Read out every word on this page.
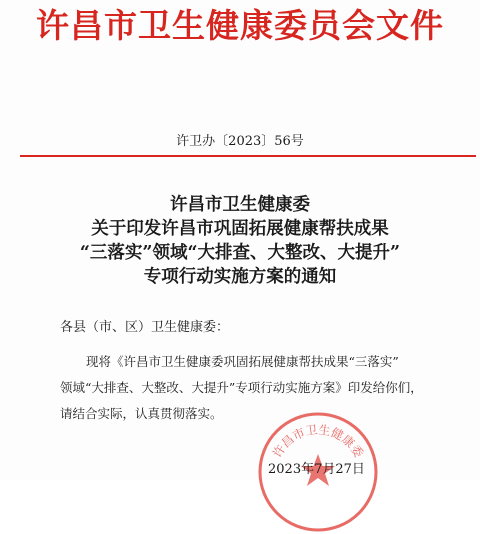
许昌市卫生健康委员会文件
许卫办〔2023〕56号
许昌市卫生健康委
关于印发许昌市巩固拓展健康帮扶成果
“三落实”领域“大排查、大整改、大提升”
专项行动实施方案的通知
各县（市、区）卫生健康委：
现将《许昌市卫生健康委巩固拓展健康帮扶成果“三落实”
领域“大排查、大整改、大提升”专项行动实施方案》印发给你们，
请结合实际，认真贯彻落实。
许昌市卫生健康委
2023年7月27日
